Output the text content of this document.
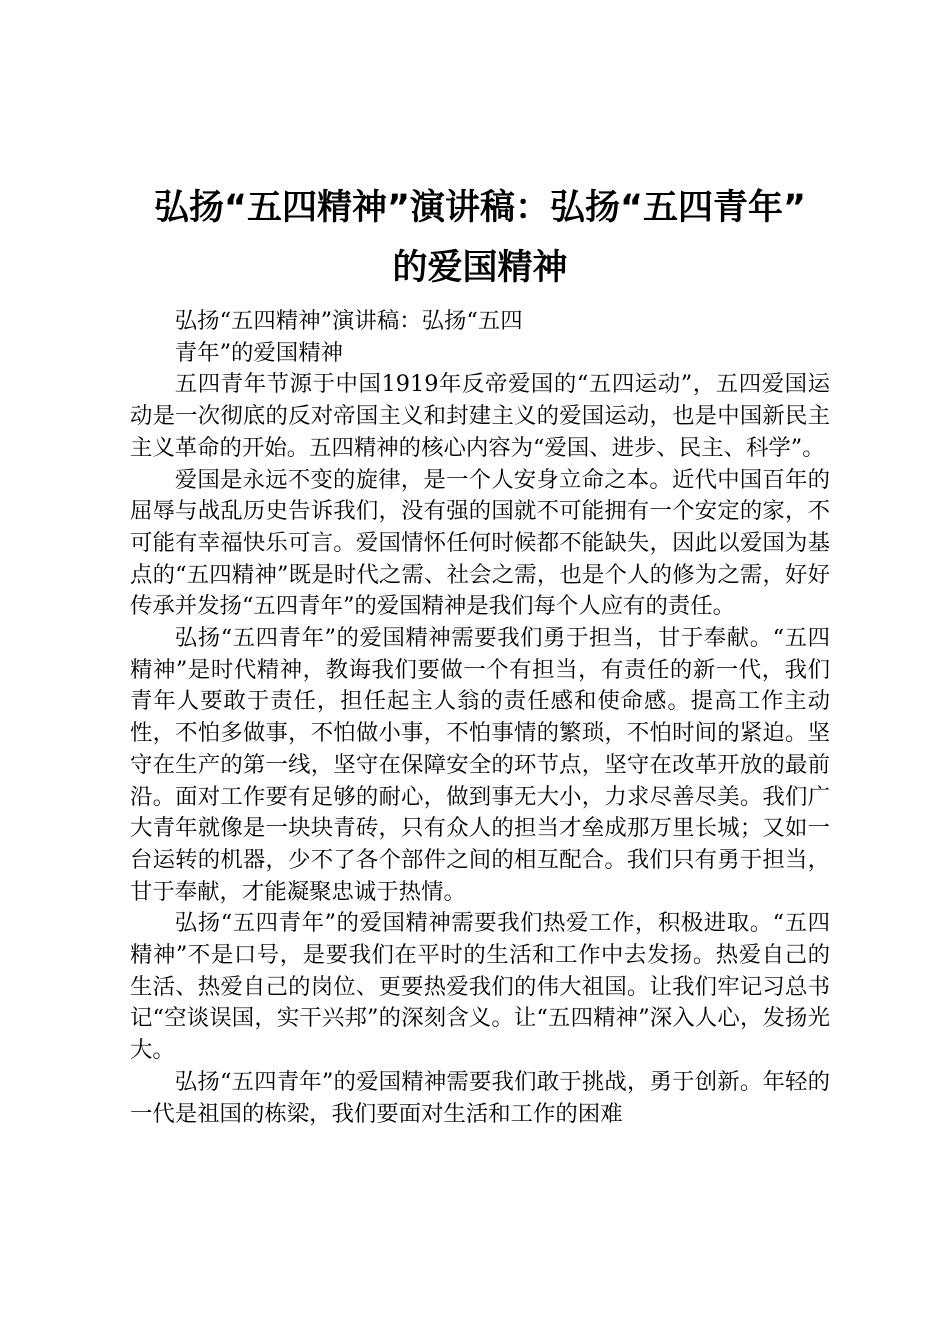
弘扬“五四精神”演讲稿：弘扬“五四青年”
的爱国精神

弘扬“五四精神”演讲稿：弘扬“五四
青年”的爱国精神

五四青年节源于中国1919年反帝爱国的“五四运动”，五四爱国运动是一次彻底的反对帝国主义和封建主义的爱国运动，也是中国新民主主义革命的开始。五四精神的核心内容为“爱国、进步、民主、科学”。

爱国是永远不变的旋律，是一个人安身立命之本。近代中国百年的屈辱与战乱历史告诉我们，没有强的国就不可能拥有一个安定的家，不可能有幸福快乐可言。爱国情怀任何时候都不能缺失，因此以爱国为基点的“五四精神”既是时代之需、社会之需，也是个人的修为之需，好好传承并发扬“五四青年”的爱国精神是我们每个人应有的责任。

弘扬“五四青年”的爱国精神需要我们勇于担当，甘于奉献。“五四精神”是时代精神，教诲我们要做一个有担当，有责任的新一代，我们青年人要敢于责任，担任起主人翁的责任感和使命感。提高工作主动性，不怕多做事，不怕做小事，不怕事情的繁琐，不怕时间的紧迫。坚守在生产的第一线，坚守在保障安全的环节点，坚守在改革开放的最前沿。面对工作要有足够的耐心，做到事无大小，力求尽善尽美。我们广大青年就像是一块块青砖，只有众人的担当才垒成那万里长城；又如一台运转的机器，少不了各个部件之间的相互配合。我们只有勇于担当，甘于奉献，才能凝聚忠诚于热情。

弘扬“五四青年”的爱国精神需要我们热爱工作，积极进取。“五四精神”不是口号，是要我们在平时的生活和工作中去发扬。热爱自己的生活、热爱自己的岗位、更要热爱我们的伟大祖国。让我们牢记习总书记“空谈误国，实干兴邦”的深刻含义。让“五四精神”深入人心，发扬光大。

弘扬“五四青年”的爱国精神需要我们敢于挑战，勇于创新。年轻的一代是祖国的栋梁，我们要面对生活和工作的困难
